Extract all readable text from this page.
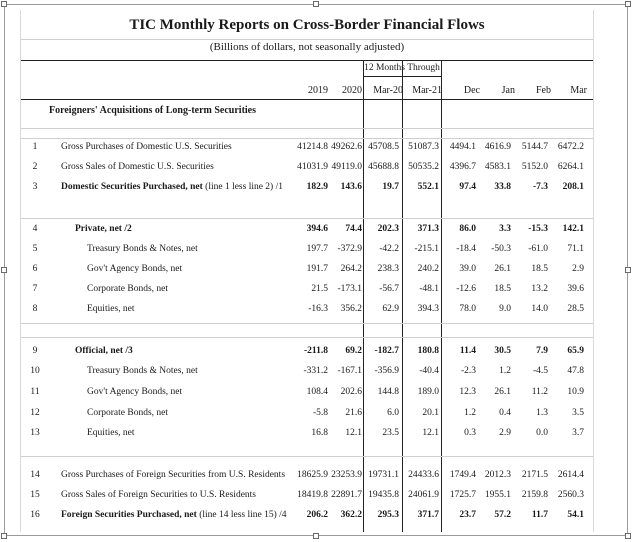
TIC Monthly Reports on Cross-Border Financial Flows
(Billions of dollars, not seasonally adjusted)
12 Months Through
2019	2020	Mar-20 Mar-21	Dec	Jan	Feb	Mar
Foreigners' Acquisitions of Long-term Securities
1	Gross Purchases of Domestic U.S. Securities	41214.8 49262.6 45708.5 51087.3	4494.1 4616.9	5144.7	6472.2
2	Gross Sales of Domestic U.S. Securities	41031.9 49119.0 45688.8 50535.2	4396.7 4583.1	5152.0	6264.1
3	Domestic Securities Purchased, net (line 1 less line 2) /1	182.9	143.6	19.7	552.1	97.4	33.8	-7.3	208.1
4	Private, net /2	394.6	74.4	202.3	371.3	86.0	3.3	-15.3	142.1
5	Treasury Bonds & Notes, net	197.7 -372.9	-42.2	-215.1	-18.4	-50.3	-61.0	71.1
6	Gov't Agency Bonds, net	191.7	264.2	238.3	240.2	39.0	26.1	18.5	2.9
7	Corporate Bonds, net	21.5 -173.1	-56.7	-48.1	-12.6	18.5	13.2	39.6
8	Equities, net	-16.3	356.2	62.9	394.3	78.0	9.0	14.0	28.5
9	Official, net /3	-211.8	69.2	-182.7	180.8	11.4	30.5	7.9	65.9
10	Treasury Bonds & Notes, net	-331.2 -167.1	-356.9	-40.4	-2.3	1.2	-4.5	47.8
11	Gov't Agency Bonds, net	108.4	202.6	144.8	189.0	12.3	26.1	11.2	10.9
12	Corporate Bonds, net	-5.8	21.6	6.0	20.1	1.2	0.4	1.3	3.5
13	Equities, net	16.8	12.1	23.5	12.1	0.3	2.9	0.0	3.7
14	Gross Purchases of Foreign Securities from U.S. Residents	18625.9 23253.9 19731.1 24433.6	1749.4 2012.3	2171.5	2614.4
15	Gross Sales of Foreign Securities to U.S. Residents	18419.8 22891.7 19435.8 24061.9	1725.7 1955.1	2159.8	2560.3
16	Foreign Securities Purchased, net (line 14 less line 15) /4	206.2	362.2	295.3	371.7	23.7	57.2	11.7	54.1
